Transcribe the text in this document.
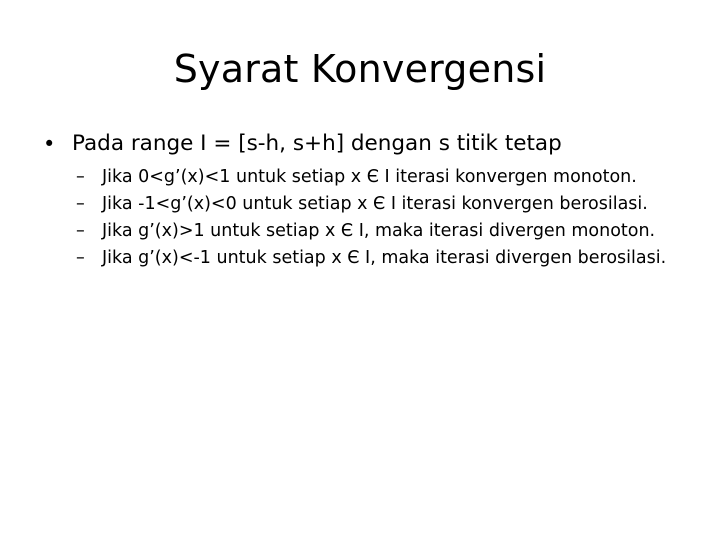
Syarat Konvergensi
• Pada range I = [s-h, s+h] dengan s titik tetap
– Jika 0<g’(x)<1 untuk setiap x Є I iterasi konvergen monoton.
– Jika -1<g’(x)<0 untuk setiap x Є I iterasi konvergen berosilasi.
– Jika g’(x)>1 untuk setiap x Є I, maka iterasi divergen monoton.
– Jika g’(x)<-1 untuk setiap x Є I, maka iterasi divergen berosilasi.
